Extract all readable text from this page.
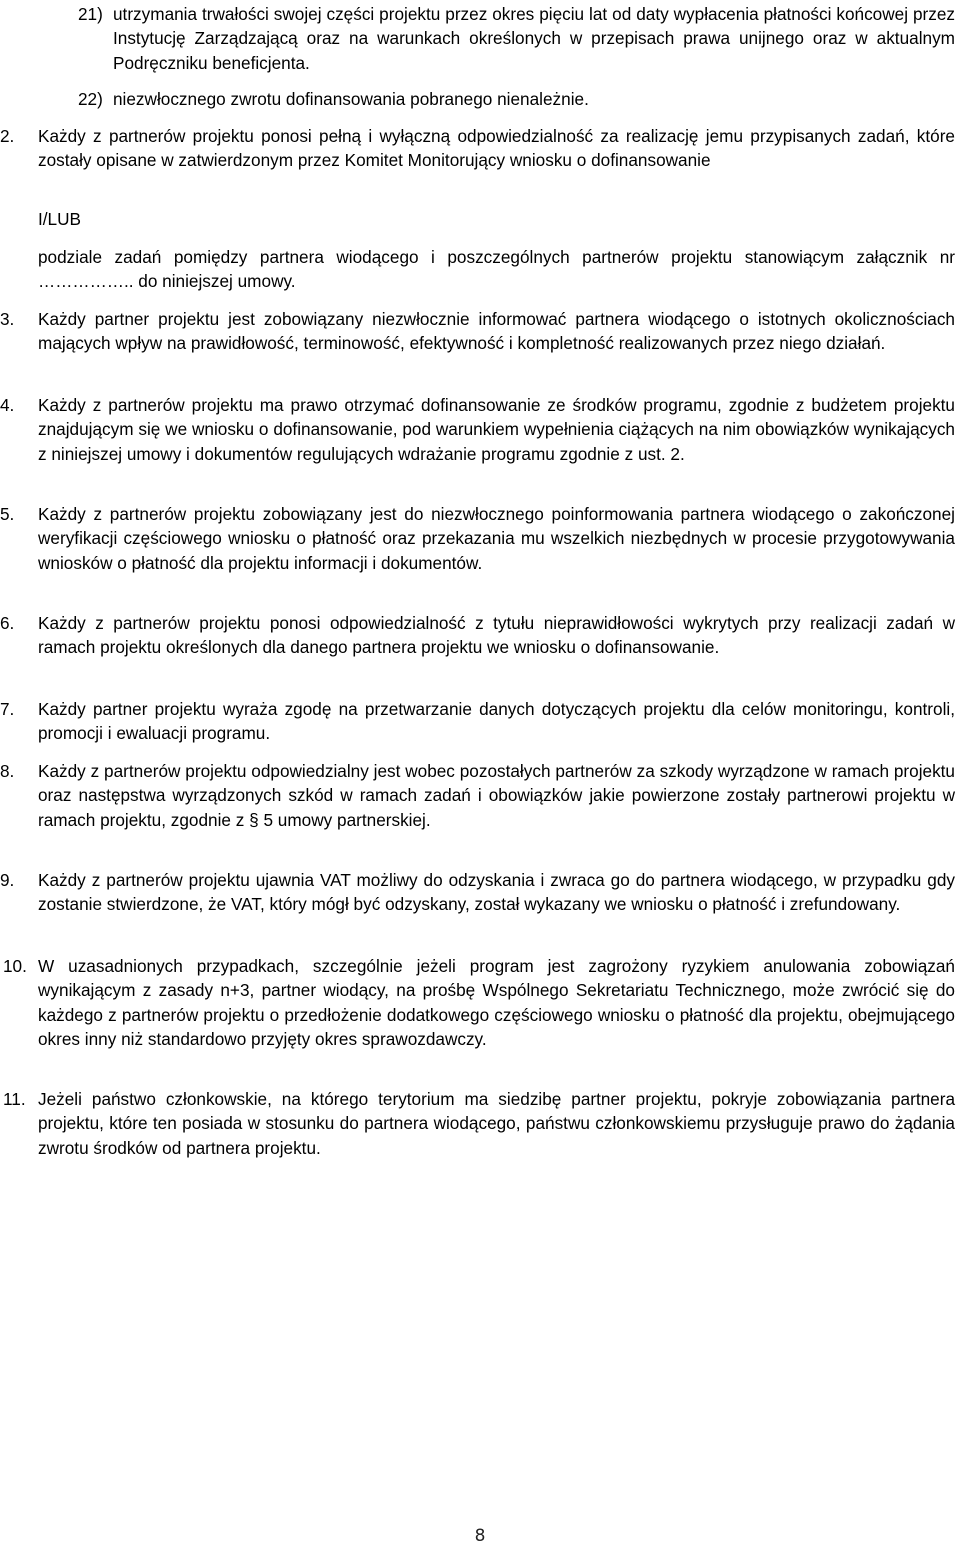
21) utrzymania trwałości swojej części projektu przez okres pięciu lat od daty wypłacenia płatności końcowej przez Instytucję Zarządzającą oraz na warunkach określonych w przepisach prawa unijnego oraz w aktualnym Podręczniku beneficjenta.
22) niezwłocznego zwrotu dofinansowania pobranego nienależnie.
2. Każdy z partnerów projektu ponosi pełną i wyłączną odpowiedzialność za realizację jemu przypisanych zadań, które zostały opisane w zatwierdzonym przez Komitet Monitorujący wniosku o dofinansowanie
I/LUB
podziale zadań pomiędzy partnera wiodącego i poszczególnych partnerów projektu stanowiącym załącznik nr …………….. do niniejszej umowy.
3. Każdy partner projektu jest zobowiązany niezwłocznie informować partnera wiodącego o istotnych okolicznościach mających wpływ na prawidłowość, terminowość, efektywność i kompletność realizowanych przez niego działań.
4. Każdy z partnerów projektu ma prawo otrzymać dofinansowanie ze środków programu, zgodnie z budżetem projektu znajdującym się we wniosku o dofinansowanie, pod warunkiem wypełnienia ciążących na nim obowiązków wynikających z niniejszej umowy i dokumentów regulujących wdrażanie programu zgodnie z ust. 2.
5. Każdy z partnerów projektu zobowiązany jest do niezwłocznego poinformowania partnera wiodącego o zakończonej weryfikacji częściowego wniosku o płatność oraz przekazania mu wszelkich niezbędnych w procesie przygotowywania wniosków o płatność dla projektu informacji i dokumentów.
6. Każdy z partnerów projektu ponosi odpowiedzialność z tytułu nieprawidłowości wykrytych przy realizacji zadań w ramach projektu określonych dla danego partnera projektu we wniosku o dofinansowanie.
7. Każdy partner projektu wyraża zgodę na przetwarzanie danych dotyczących projektu dla celów monitoringu, kontroli, promocji i ewaluacji programu.
8. Każdy z partnerów projektu odpowiedzialny jest wobec pozostałych partnerów za szkody wyrządzone w ramach projektu oraz następstwa wyrządzonych szkód w ramach zadań i obowiązków jakie powierzone zostały partnerowi projektu w ramach projektu, zgodnie z § 5 umowy partnerskiej.
9. Każdy z partnerów projektu ujawnia VAT możliwy do odzyskania i zwraca go do partnera wiodącego, w przypadku gdy zostanie stwierdzone, że VAT, który mógł być odzyskany, został wykazany we wniosku o płatność i zrefundowany.
10. W uzasadnionych przypadkach, szczególnie jeżeli program jest zagrożony ryzykiem anulowania zobowiązań wynikającym z zasady n+3, partner wiodący, na prośbę Wspólnego Sekretariatu Technicznego, może zwrócić się do każdego z partnerów projektu o przedłożenie dodatkowego częściowego wniosku o płatność dla projektu, obejmującego okres inny niż standardowo przyjęty okres sprawozdawczy.
11. Jeżeli państwo członkowskie, na którego terytorium ma siedzibę partner projektu, pokryje zobowiązania partnera projektu, które ten posiada w stosunku do partnera wiodącego, państwu członkowskiemu przysługuje prawo do żądania zwrotu środków od partnera projektu.
8
